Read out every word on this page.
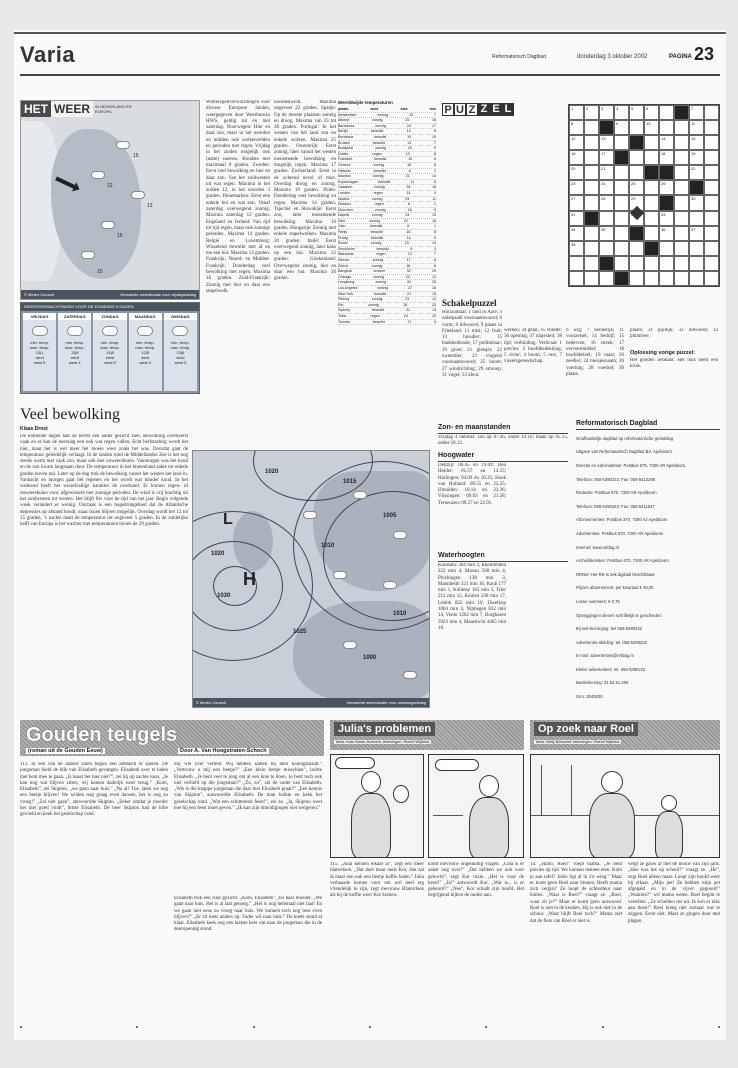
Varia	Reformatorisch Dagblad	donderdag 3 oktober 2002	PAGINA 23
15
12
13
15
15
HET WEER	IN NEDERLAND EN EUROPA
© Meteo Consult	Verwachte weersituatie voor vrijdagmiddag
WEERSVERWACHTINGEN VOOR DE KOMENDE 5 DAGEN
VRIJDAG
min. temp.
max. temp.
13|1
wind
west 5
ZATERDAG
min. temp.
max. temp.
13|6
wind
west 4
ZONDAG
min. temp.
max. temp.
14|8
wind
west 5
MAANDAG
min. temp.
max. temp.
12|5
wind
west 4
DINSDAG
min. temp.
max. temp.
13|6
wind
west 3
Veel bewolking
Klaas Drost
De komende dagen laat de herfst een ander gezicht zien. Bewolking overheerst vaak en er kan de neerslag een ook wat regen vallen. Echt herfstachtig wordt het niet, maar het is wel meer het moeie weer zoals het was. Doordat gaat de temperatuur geleidelijk verlaagt. In de landen rond de Middellandse Zee is het nog steeds warm met vaak zon, maar ook met onweersbuien. Vanmorgen was het koud en de zon kwam langzaam door. De temperatuur in het binnenland zakte tot enkele graden boven nul. Later op de dag trok de bewolking vanuit het westen het land in. Vannacht en morgen gaat het regenen en het wordt wat minder koud. In het weekend heeft het wisselvallige karakter de overhand. Er komen regen- of onweersbuien voor, afgewisseld met zonnige perioden. De wind is vrij krachtig uit het zuidwesten tot westen. Het blijft fris voor de tijd van het jaar. Begin volgende week verandert er weinig. Oorzaak is een hogedrukgebied dat de Atlantische depressies op afstand houdt, maar buien blijven mogelijk. Overdag wordt het 12 tot 15 graden, ’s nachts daalt de temperatuur tot ongeveer 5 graden. In de zuidelijke helft van Europa is het warmer met temperaturen boven de 20 graden.
Wintersportverwachtingen voor diverse Europese landen, weergegeven door Weerbureau HWS, geldig tot en met zaterdag. Noorwegen: Hier en daar zon, maar in het noorden en midden ook wolkenvelden en perioden met regen. Vrijdag in het zuiden mogelijk ook (natte) sneeuw. Koudste met maximaal 0 graden. Zweden: Eerst veel bewolking en hier en daar zon. Van het zuidwesten uit wat regen. Maxima in het zuiden 12, in het noorden 3 graden. Denemarken: Eerst een enkele bui en wat zon. Vanaf zaterdag overwegend zonnig. Maxima zaterdag 12 graden. Engeland en Ierland: Van tijd tot tijd regen, maar ook zonnige perioden. Maxima 14 graden. België en Luxemburg: Wisselend bewolkt met af en toe een bui. Maxima 13 graden. Frankrijk: Noord- en Midden-Frankrijk. Donderdag veel bewolking met regen. Maxima 18 graden. Zuid-Frankrijk: Zonnig met hier en daar een stapelwolk.
noordenwind. Maxima ongeveer 22 graden. Spanje: Op de meeste plaatsen zonnig en droog. Maxima van 23 tot 28 graden. Portugal: In het westen van het land zon en enkele wolken. Maxima 25 graden. Oostenrijk: Eerst zonnig, later vanuit het westen toenemende bewolking en mogelijk regen. Maxima 17 graden. Zwitserland: Eerst in de ochtend nevel of mist. Overdag droog en zonnig. Maxima 19 graden. Polen: Donderdag veel bewolking en regen. Maxima 14 graden. Tsjechië en Slowakije: Eerst zon, later toenemende bewolking. Maxima 16 graden. Hongarije: Zonnig met enkele stapelwolken. Maxima 20 graden. Italië: Eerst overwegend zonnig, later kans op een bui. Maxima 22 graden. Griekenland: Overwegend zonnig, hier en daar een bui. Maxima 26 graden.
Wereldwijde temperaturen
plaats	weer	max	min
Amsterdam	zonnig	15	7
Athene	zonnig	25	16
Barcelona	zonnig	24	17
Berlijn	bewolkt	13	8
Bordeaux	bewolkt	19	10
Brussel	bewolkt	14	7
Budapest	zonnig	20	9
Dublin	regen	13	8
Frankfurt	bewolkt	15	6
Genève	zonnig	18	6
Helsinki	bewolkt	8	2
Istanbul	zonnig	21	14
Kopenhagen	bewolkt	11	6
Lissabon	zonnig	26	16
Londen	regen	14	9
Madrid	zonnig	24	11
Moskou	regen	6	1
München	zonnig	16	5
Napels	zonnig	24	15
Nice	zonnig	22	15
Oslo	bewolkt	8	1
Parijs	bewolkt	16	8
Praag	bewolkt	14	6
Rome	zonnig	23	13
Stockholm	bewolkt	9	3
Warschau	regen	12	7
Wenen	zonnig	17	8
Zürich	zonnig	16	6
Bangkok	onweer	32	25
Chicago	zonnig	22	12
Hongkong	zonnig	30	25
Los Angeles	zonnig	27	16
New York	bewolkt	21	15
Peking	zonnig	23	12
Rio	zonnig	28	20
Sydney	bewolkt	21	14
Tokio	regen	24	19
Toronto	bewolkt	17	9
P U Z Z E L	1	2	3	4	5	6	7
8	9	10	11
12	13	14	15
16	17	18	19
20	21	22
23	24	25	26
27	28	29	30
31	33
34	35	36	37
38
Schakelpuzzel
Horizontaal: 1 land in Azië; 3 onbepaald voornaamwoord; 6 vorm; 8 lidwoord; 9 plaats in Friesland; 11 mist; 12 fruit; 13 huisdier; 15 bankbediende; 17 politieman; 19 groet; 21 gletsjer; 22 zwemdier; 23 vragend voornaamwoord; 25 boom; 27 windrichting; 29 omroep; 31 vogel; 33 kleur.
werken; 34 getal; 35 vlinder; 36 opening; 37 majesteit; 38 tijd; verbinding. Verticaal: 1 precies; 2 hoofdbedekking; 5 rivier; 4 boom; 5 rust; 7 vissersgereedschap.
6 wig; 7 kennelijk; 11 voorzetsel; 14 bedrijf; 15 bederven; 16 streek; 17 vervoermiddel; 18 hoofddeksel; 19 maat; 20 zeedier; 24 meisjesnaam; 26 voertuig; 28 voedsel; 30 plaats.
plaats; 31 pijnlijk; 32 lidwoord; 33 pluimvee.
Oplossing vorige puzzel:
Het gouden ledikant. Het huis heeft een kruis.
1020
1015
1005
1010
L
H
1020
1030
1025
1010
1000
© Meteo Consult	Verwachte weersituatie voor vandaagmiddag
Zon- en maanstanden
Vrijdag 4 oktober, zon op 07.46, onder 19.16; maan op 05.15, onder 18.12.
Hoogwater
Delfzijl: 06.45 en 19.09; Den Helder: 01.57 en 14.15; Harlingen: 04.09 en 16.35; Hoek van Holland: 09.55 en 22.25; IJmuiden: 10.14 en 22.36; Vlissingen: 09.03 en 21.28; Terneuzen: 09.37 en 22.01.
Waterhoogten
Konstanz 364 min 3, Rheinfelden 222 min 4, Maxau 508 min 4, Plochingen 138 min 3, Mannheim 321 min 16, Kaub 177 min 1, Koblenz 183 min 5, Trier 212 min 12, Keulen 238 min 17, Lobith 822 min 10, IJsselkop 1004 min 4, Nijmegen 832 min 14, Venlo 1262 min 7, Borgharen 3923 min 4, Maastricht 4465 min 10.
Reformatorisch Dagblad
Onafhankelijk dagblad op reformatorische grondslag
Uitgave van Reformatorisch Dagblad BV, Apeldoorn
Directie en Administratie: Postbus 670, 7300 AR Apeldoorn
Telefoon: 055-5390222; Fax: 055-5412288
Redactie: Postbus 670, 7300 AR Apeldoorn
Telefoon: 055-5390222; Fax: 055-5411547
Abonnementen: Postbus 370, 7300 AJ Apeldoorn
Advertenties: Postbus 670, 7300 AR Apeldoorn
Internet: www.refdag.nl
Archiefdiensten: Postbus 670, 7300 AR Apeldoorn
RDNet: Het RD is ook digitaal beschikbaar
Prijzen abonnement: per kwartaal € 49,00
Losse nummers: € 0,75
Opzeggingen dienen schriftelijk te geschieden.
Bij niet-bezorging: bel 055-5390222
Advertentie-afdeling: tel. 055-5390222
E-mail: advertenties@refdag.nl
Kleine advertenties: tel. 055-5390222
Bankrekening: 31.53.51.200
Giro: 3049200
Gouden teugels
(roman uit de Gouden Eeuw)	Door A. Van Hoogstraten-Schoch
113. In een van de andere zalen begon een ambacht te spelen. De jongeman hield de blik van Elisabeth gevangen. Elisabeth over te halen met hem mee te gaan. „Is haast het hier niet?”, zei hij op zachte toon. „Je kan nog wat blijven zitten, wij komen dadelijk weer terug.” „Kom, Elisabeth”, zei Skipton, „we gaan naar huis.” „Na al? Toe, laten we nog een beetje blijven! We wilden nog graag even dansen, het is nog zo vroeg!” „Zal niet gaan”, antwoordde Skipton. „Zeker omdat je moeder het niet goed vindt”, bitste Elisabeth. De heer Skipton had de kilte gevoeld en keek het gezelschap rond.
mij wel over verteld. Wij hebben samen bij hem koningsmaalt.” „Vertrouw u mij een beetje?” „Een klein beetje misschien”, lachte Elisabeth. „Je bent veel te jong om al een knie te doen. Je bent toch ook niet verliefd op die jongeman?” „Zo, zo”, zei de vader van Elisabeth. „Wie is die knappe jongeman die daar met Elisabeth praat?” „Een kennis van Skipton”, antwoordde Elisabeth. De man knikte en keek het gezelschap rond. „Wat een schitterend feest!”, zei ze. „Ja, Skipton weet hoe hij een feest moet geven.” „Ik kan zijn uitnodigingen niet weigeren.”
Elisabeth trok een zuur gezicht. „Kom, Elisabeth”, zei haar moeder. „We gaan naar huis. Het is al laat genoeg.” „Het is nog helemaal niet laat! En we gaan niet eens zo vroeg naar huis. We kunnen toch nog best even blijven?” „Er zit niets anders op. Vader wil naar huis.” De koets stond al klaar. Elisabeth keek nog een laatste keer om naar de jongeman die in de deuropening stond.
Julia's problemen
tekst: Irwin Baron-Hoevers; tekeningen: Roelof Wijkstra
115. „Julia kennen elkaar al”, zegt een meer blaterdoek. „Dat doet maar niets Kor, dan zal ik maar een ouk een beetje koffie halen.” Julia verbaasde komen voor om wel heel erg vriendelijk te zijn, zegt mevrouw Blaterdoek als bij de koffie weer Kor komen.
komt mevrouw ongeduldig vragen. „Cola is er zeker nog over?” „Dat hebben we ook voor gekocht”, zegt Kor ruzie. „Het is voor de kerst!” „Ja!” antwoordt Kor. „Wat is... is er gebeurd?” „Nee”, Kor schudt zijn hoofd. Het begrijpend kijken de ouden aan.
Op zoek naar Roel
tekst: Nelly Boisselet; tekeningen: Roelof Wijkstra
14. „Hallo, Roel!” roept mama. „Je bent precies op tijd. We kunnen meteen eten. Kom je aan tafel? Jobie ligt al in z'n wieg.” Maar er komt geen Roel naar binnen. Heeft mama zich vergist? Ze loopt de achterdeur naar buiten. „Waar is Roel?” vraagt ze. „Roel, waar zit je?” Maar er komt geen antwoord. Roel is niet in de keuken. Hij is ook niet in de schuur. „Waar blijft Roel toch?” Mama ziet dat de fiets van Roel er niet is.
vergt ze gauw af met de mouw van zijn jack. „Hoe was het op school?” vraagt ze. „Hè”, zegt Roel alleen maar. Loopt zijn hoofd weer bij elkaar. „Mijn pet! Ze hebben mijn pet afgepakt en in de vijver gegooid!” „Waarom?” wil mama weten. Roel begint te vertellen. „Ze scholden me uit. Ik kon er niks aan doen!” Roel kreeg niet zomaar wat te zeggen. Eerst niet. Maar ze gingen door met plagen.
